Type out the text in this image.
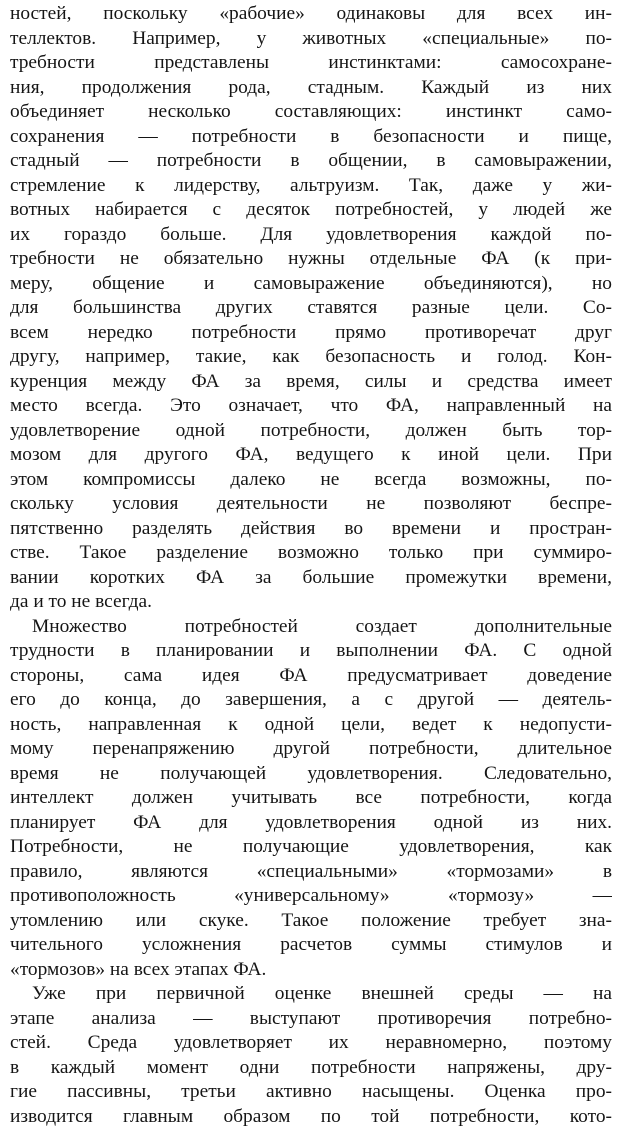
ностей, поскольку «рабочие» одинаковы для всех ин-
теллектов. Например, у животных «специальные» по-
требности представлены инстинктами: самосохране-
ния, продолжения рода, стадным. Каждый из них
объединяет несколько составляющих: инстинкт само-
сохранения — потребности в безопасности и пище,
стадный — потребности в общении, в самовыражении,
стремление к лидерству, альтруизм. Так, даже у жи-
вотных набирается с десяток потребностей, у людей же
их гораздо больше. Для удовлетворения каждой по-
требности не обязательно нужны отдельные ФА (к при-
меру, общение и самовыражение объединяются), но
для большинства других ставятся разные цели. Со-
всем нередко потребности прямо противоречат друг
другу, например, такие, как безопасность и голод. Кон-
куренция между ФА за время, силы и средства имеет
место всегда. Это означает, что ФА, направленный на
удовлетворение одной потребности, должен быть тор-
мозом для другого ФА, ведущего к иной цели. При
этом компромиссы далеко не всегда возможны, по-
скольку условия деятельности не позволяют беспре-
пятственно разделять действия во времени и простран-
стве. Такое разделение возможно только при суммиро-
вании коротких ФА за большие промежутки времени,
да и то не всегда.
Множество потребностей создает дополнительные
трудности в планировании и выполнении ФА. С одной
стороны, сама идея ФА предусматривает доведение
его до конца, до завершения, а с другой — деятель-
ность, направленная к одной цели, ведет к недопусти-
мому перенапряжению другой потребности, длительное
время не получающей удовлетворения. Следовательно,
интеллект должен учитывать все потребности, когда
планирует ФА для удовлетворения одной из них.
Потребности, не получающие удовлетворения, как
правило, являются «специальными» «тормозами» в
противоположность «универсальному» «тормозу» —
утомлению или скуке. Такое положение требует зна-
чительного усложнения расчетов суммы стимулов и
«тормозов» на всех этапах ФА.
Уже при первичной оценке внешней среды — на
этапе анализа — выступают противоречия потребно-
стей. Среда удовлетворяет их неравномерно, поэтому
в каждый момент одни потребности напряжены, дру-
гие пассивны, третьи активно насыщены. Оценка про-
изводится главным образом по той потребности, кото-
